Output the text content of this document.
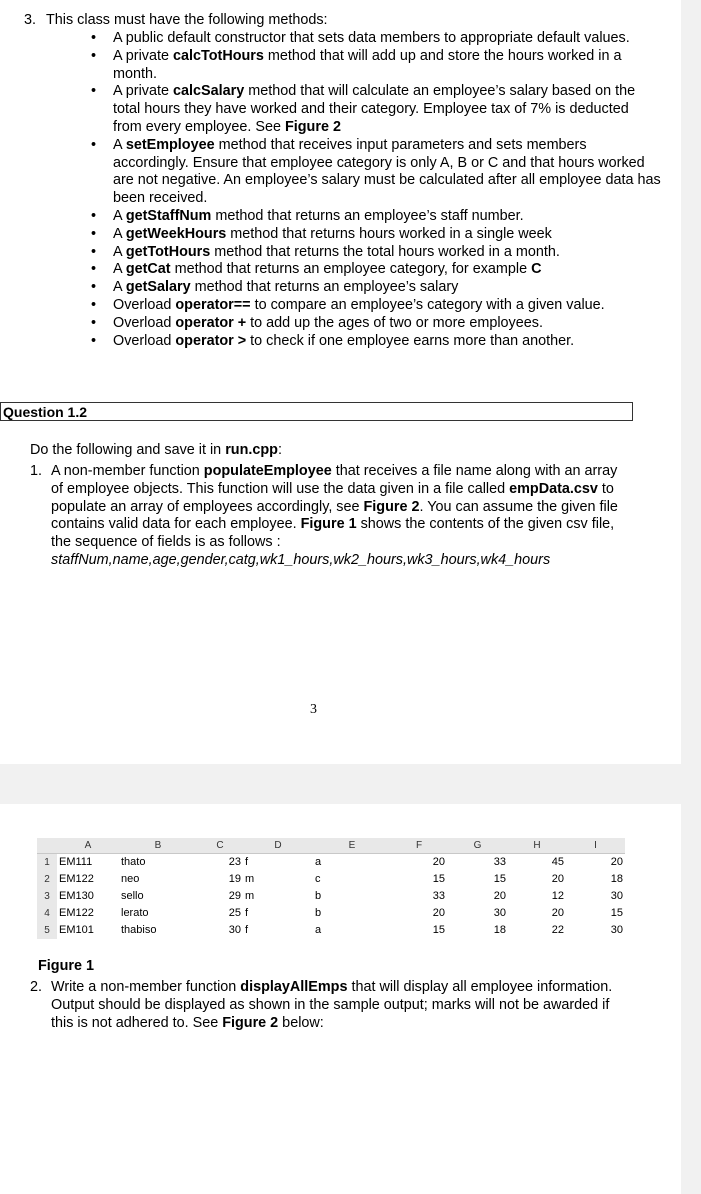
3. This class must have the following methods:
• A public default constructor that sets data members to appropriate default values.
• A private calcTotHours method that will add up and store the hours worked in a month.
• A private calcSalary method that will calculate an employee’s salary based on the total hours they have worked and their category. Employee tax of 7% is deducted from every employee. See Figure 2
• A setEmployee method that receives input parameters and sets members accordingly. Ensure that employee category is only A, B or C and that hours worked are not negative. An employee’s salary must be calculated after all employee data has been received.
• A getStaffNum method that returns an employee’s staff number.
• A getWeekHours method that returns hours worked in a single week
• A getTotHours method that returns the total hours worked in a month.
• A getCat method that returns an employee category, for example C
• A getSalary method that returns an employee’s salary
• Overload operator== to compare an employee’s category with a given value.
• Overload operator + to add up the ages of two or more employees.
• Overload operator > to check if one employee earns more than another.
Question 1.2
Do the following and save it in run.cpp:
1. A non-member function populateEmployee that receives a file name along with an array of employee objects. This function will use the data given in a file called empData.csv to populate an array of employees accordingly, see Figure 2. You can assume the given file contains valid data for each employee. Figure 1 shows the contents of the given csv file, the sequence of fields is as follows :
staffNum,name,age,gender,catg,wk1_hours,wk2_hours,wk3_hours,wk4_hours
3
	A	B	C	D	E	F	G	H	I
1	EM111	thato	23	f	a	20	33	45	20
2	EM122	neo	19	m	c	15	15	20	18
3	EM130	sello	29	m	b	33	20	12	30
4	EM122	lerato	25	f	b	20	30	20	15
5	EM101	thabiso	30	f	a	15	18	22	30
Figure 1
2. Write a non-member function displayAllEmps that will display all employee information. Output should be displayed as shown in the sample output; marks will not be awarded if this is not adhered to. See Figure 2 below:
